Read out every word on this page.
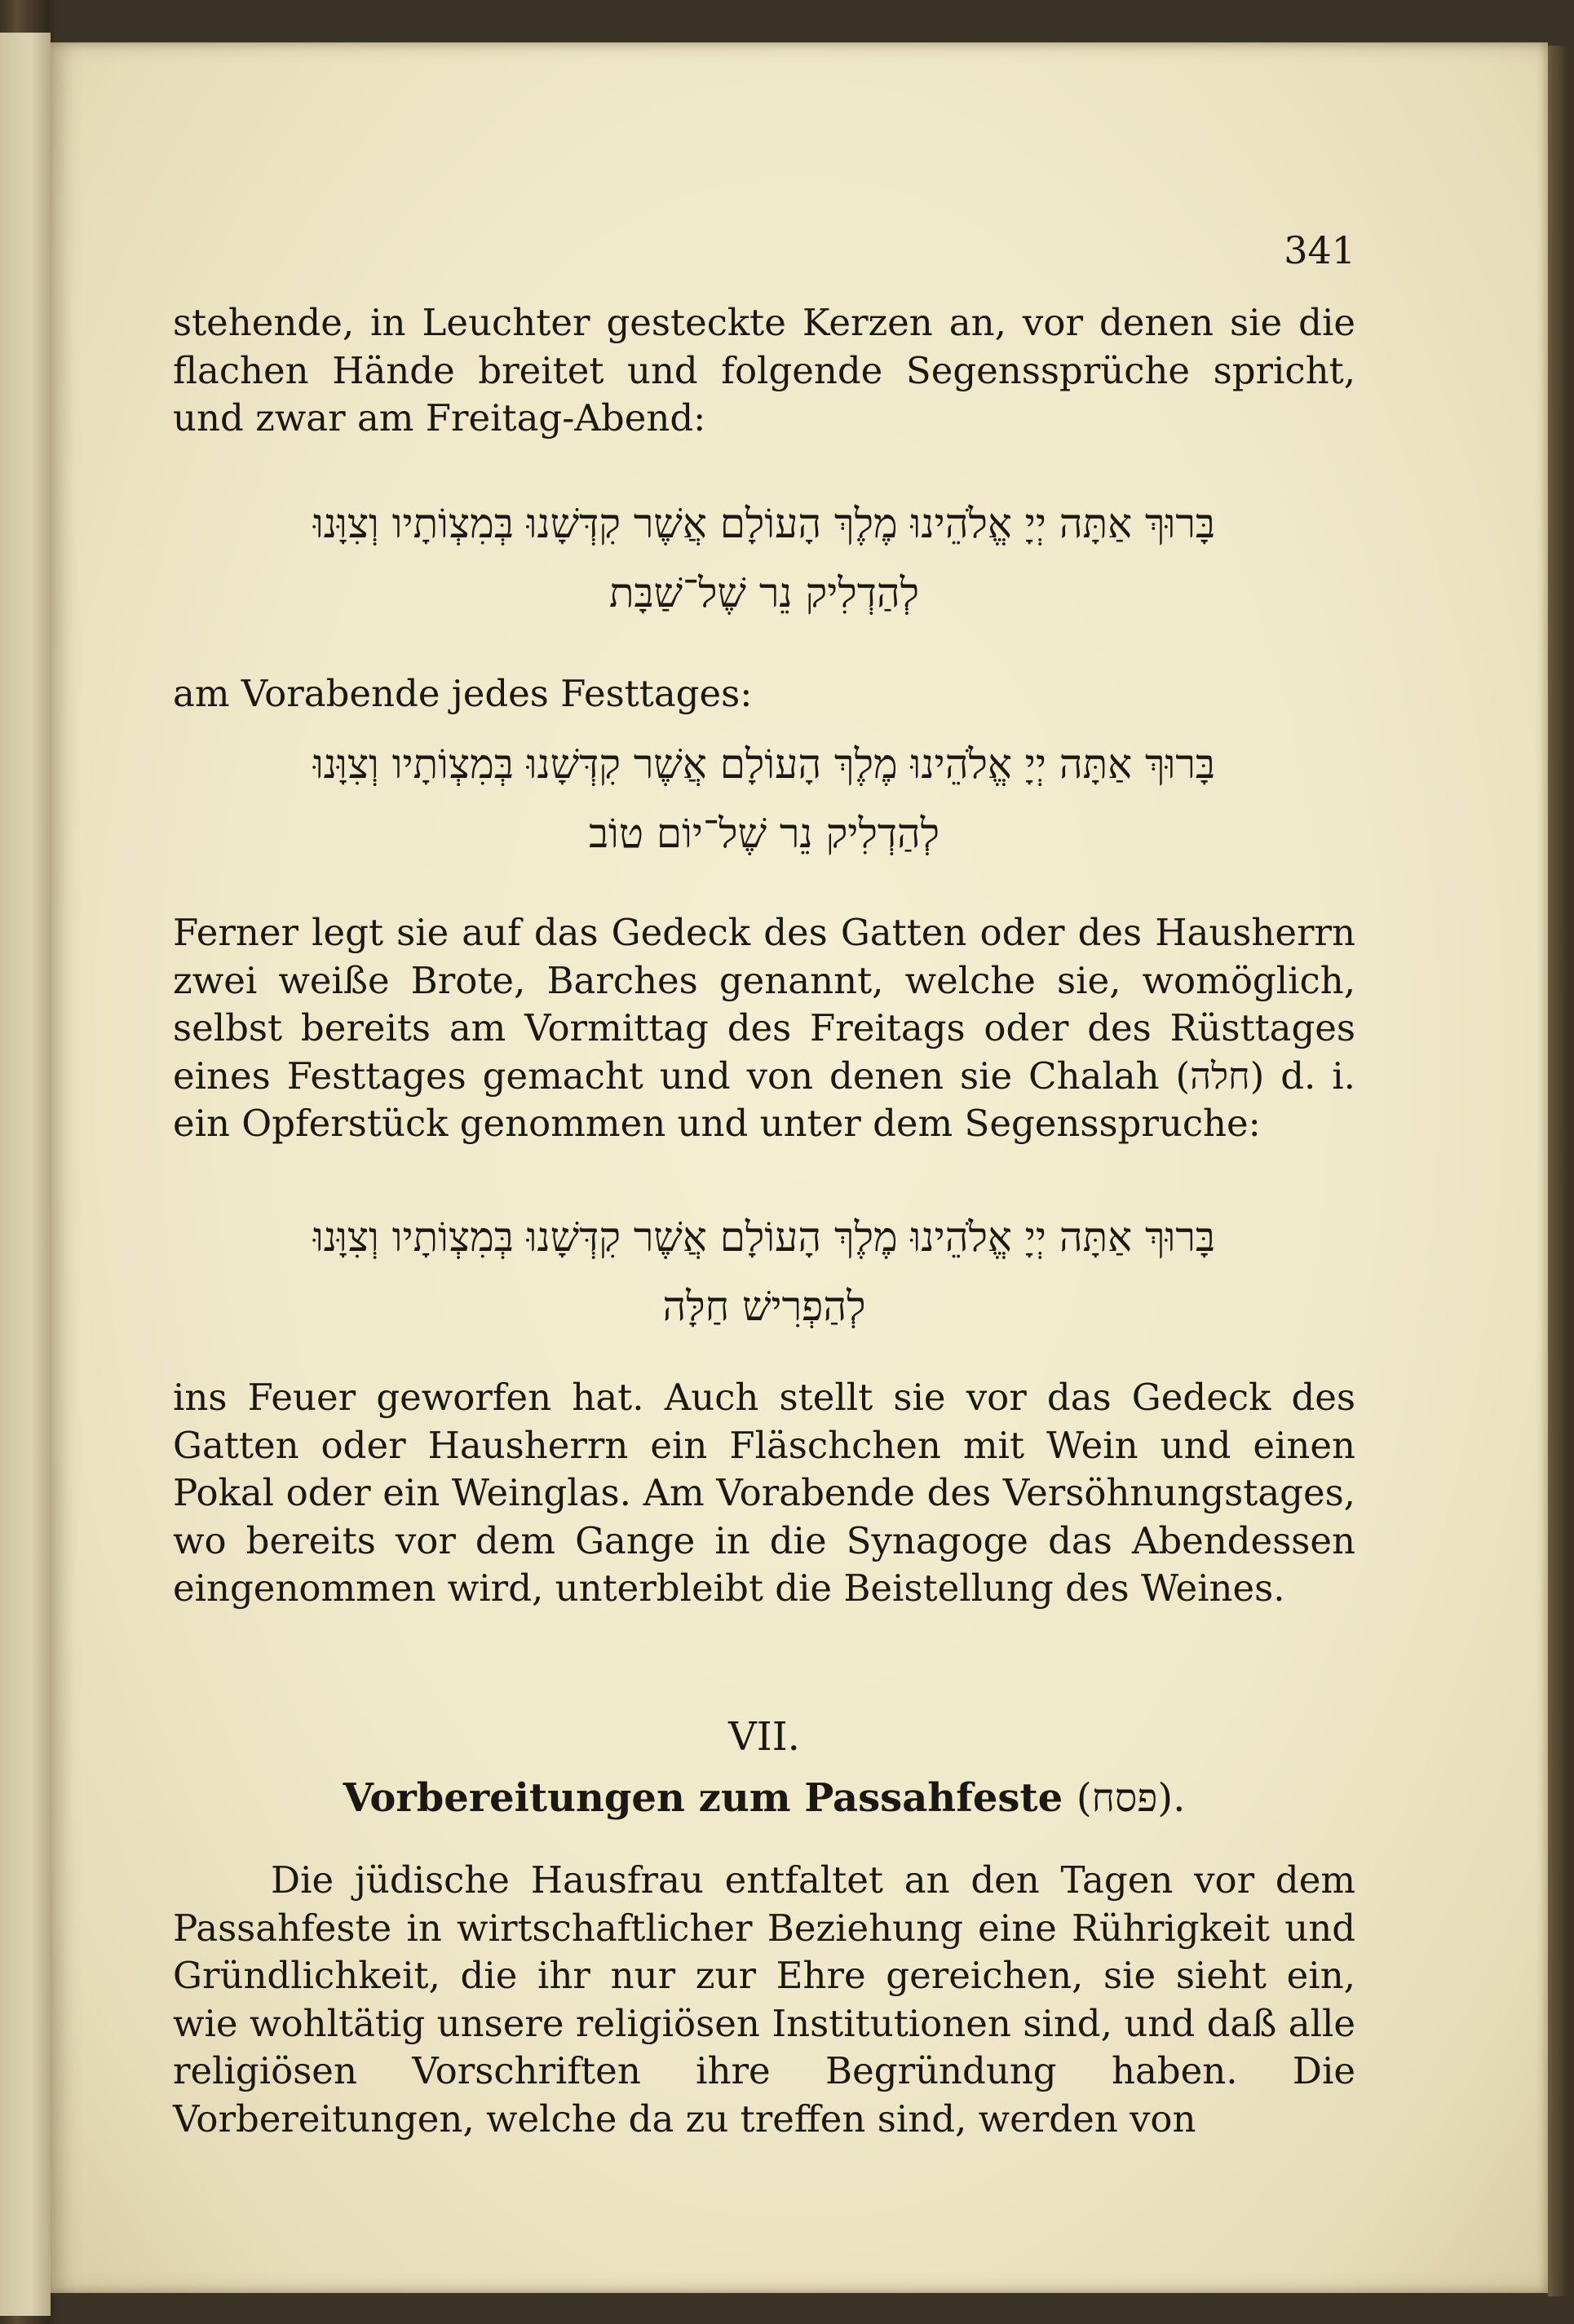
341

stehende, in Leuchter gesteckte Kerzen an, vor denen sie die flachen Hände breitet und folgende Segenssprüche spricht, und zwar am Freitag-Abend:

בָּרוּךְ אַתָּה יְיָ אֱלֹהֵינוּ מֶלֶךְ הָעוֹלָם אֲשֶׁר קִדְּשָׁנוּ בְּמִצְוֹתָיו וְצִוָּנוּ
לְהַדְלִיק נֵר שֶׁל־שַׁבָּת

am Vorabende jedes Festtages:

בָּרוּךְ אַתָּה יְיָ אֱלֹהֵינוּ מֶלֶךְ הָעוֹלָם אֲשֶׁר קִדְּשָׁנוּ בְּמִצְוֹתָיו וְצִוָּנוּ
לְהַדְלִיק נֵר שֶׁל־יוֹם טוֹב

Ferner legt sie auf das Gedeck des Gatten oder des Hausherrn zwei weiße Brote, Barches genannt, welche sie, womöglich, selbst bereits am Vormittag des Freitags oder des Rüsttages eines Festtages gemacht und von denen sie Chalah (חלה) d. i. ein Opferstück genommen und unter dem Segensspruche:

בָּרוּךְ אַתָּה יְיָ אֱלֹהֵינוּ מֶלֶךְ הָעוֹלָם אֲשֶׁר קִדְּשָׁנוּ בְּמִצְוֹתָיו וְצִוָּנוּ
לְהַפְרִישׁ חַלָּה

ins Feuer geworfen hat. Auch stellt sie vor das Gedeck des Gatten oder Hausherrn ein Fläschchen mit Wein und einen Pokal oder ein Weinglas. Am Vorabende des Versöhnungstages, wo bereits vor dem Gange in die Synagoge das Abendessen eingenommen wird, unterbleibt die Beistellung des Weines.

VII.
Vorbereitungen zum Passahfeste (פסח).

Die jüdische Hausfrau entfaltet an den Tagen vor dem Passahfeste in wirtschaftlicher Beziehung eine Rührigkeit und Gründlichkeit, die ihr nur zur Ehre gereichen, sie sieht ein, wie wohltätig unsere religiösen Institutionen sind, und daß alle religiösen Vorschriften ihre Begründung haben. Die Vorbereitungen, welche da zu treffen sind, werden von
